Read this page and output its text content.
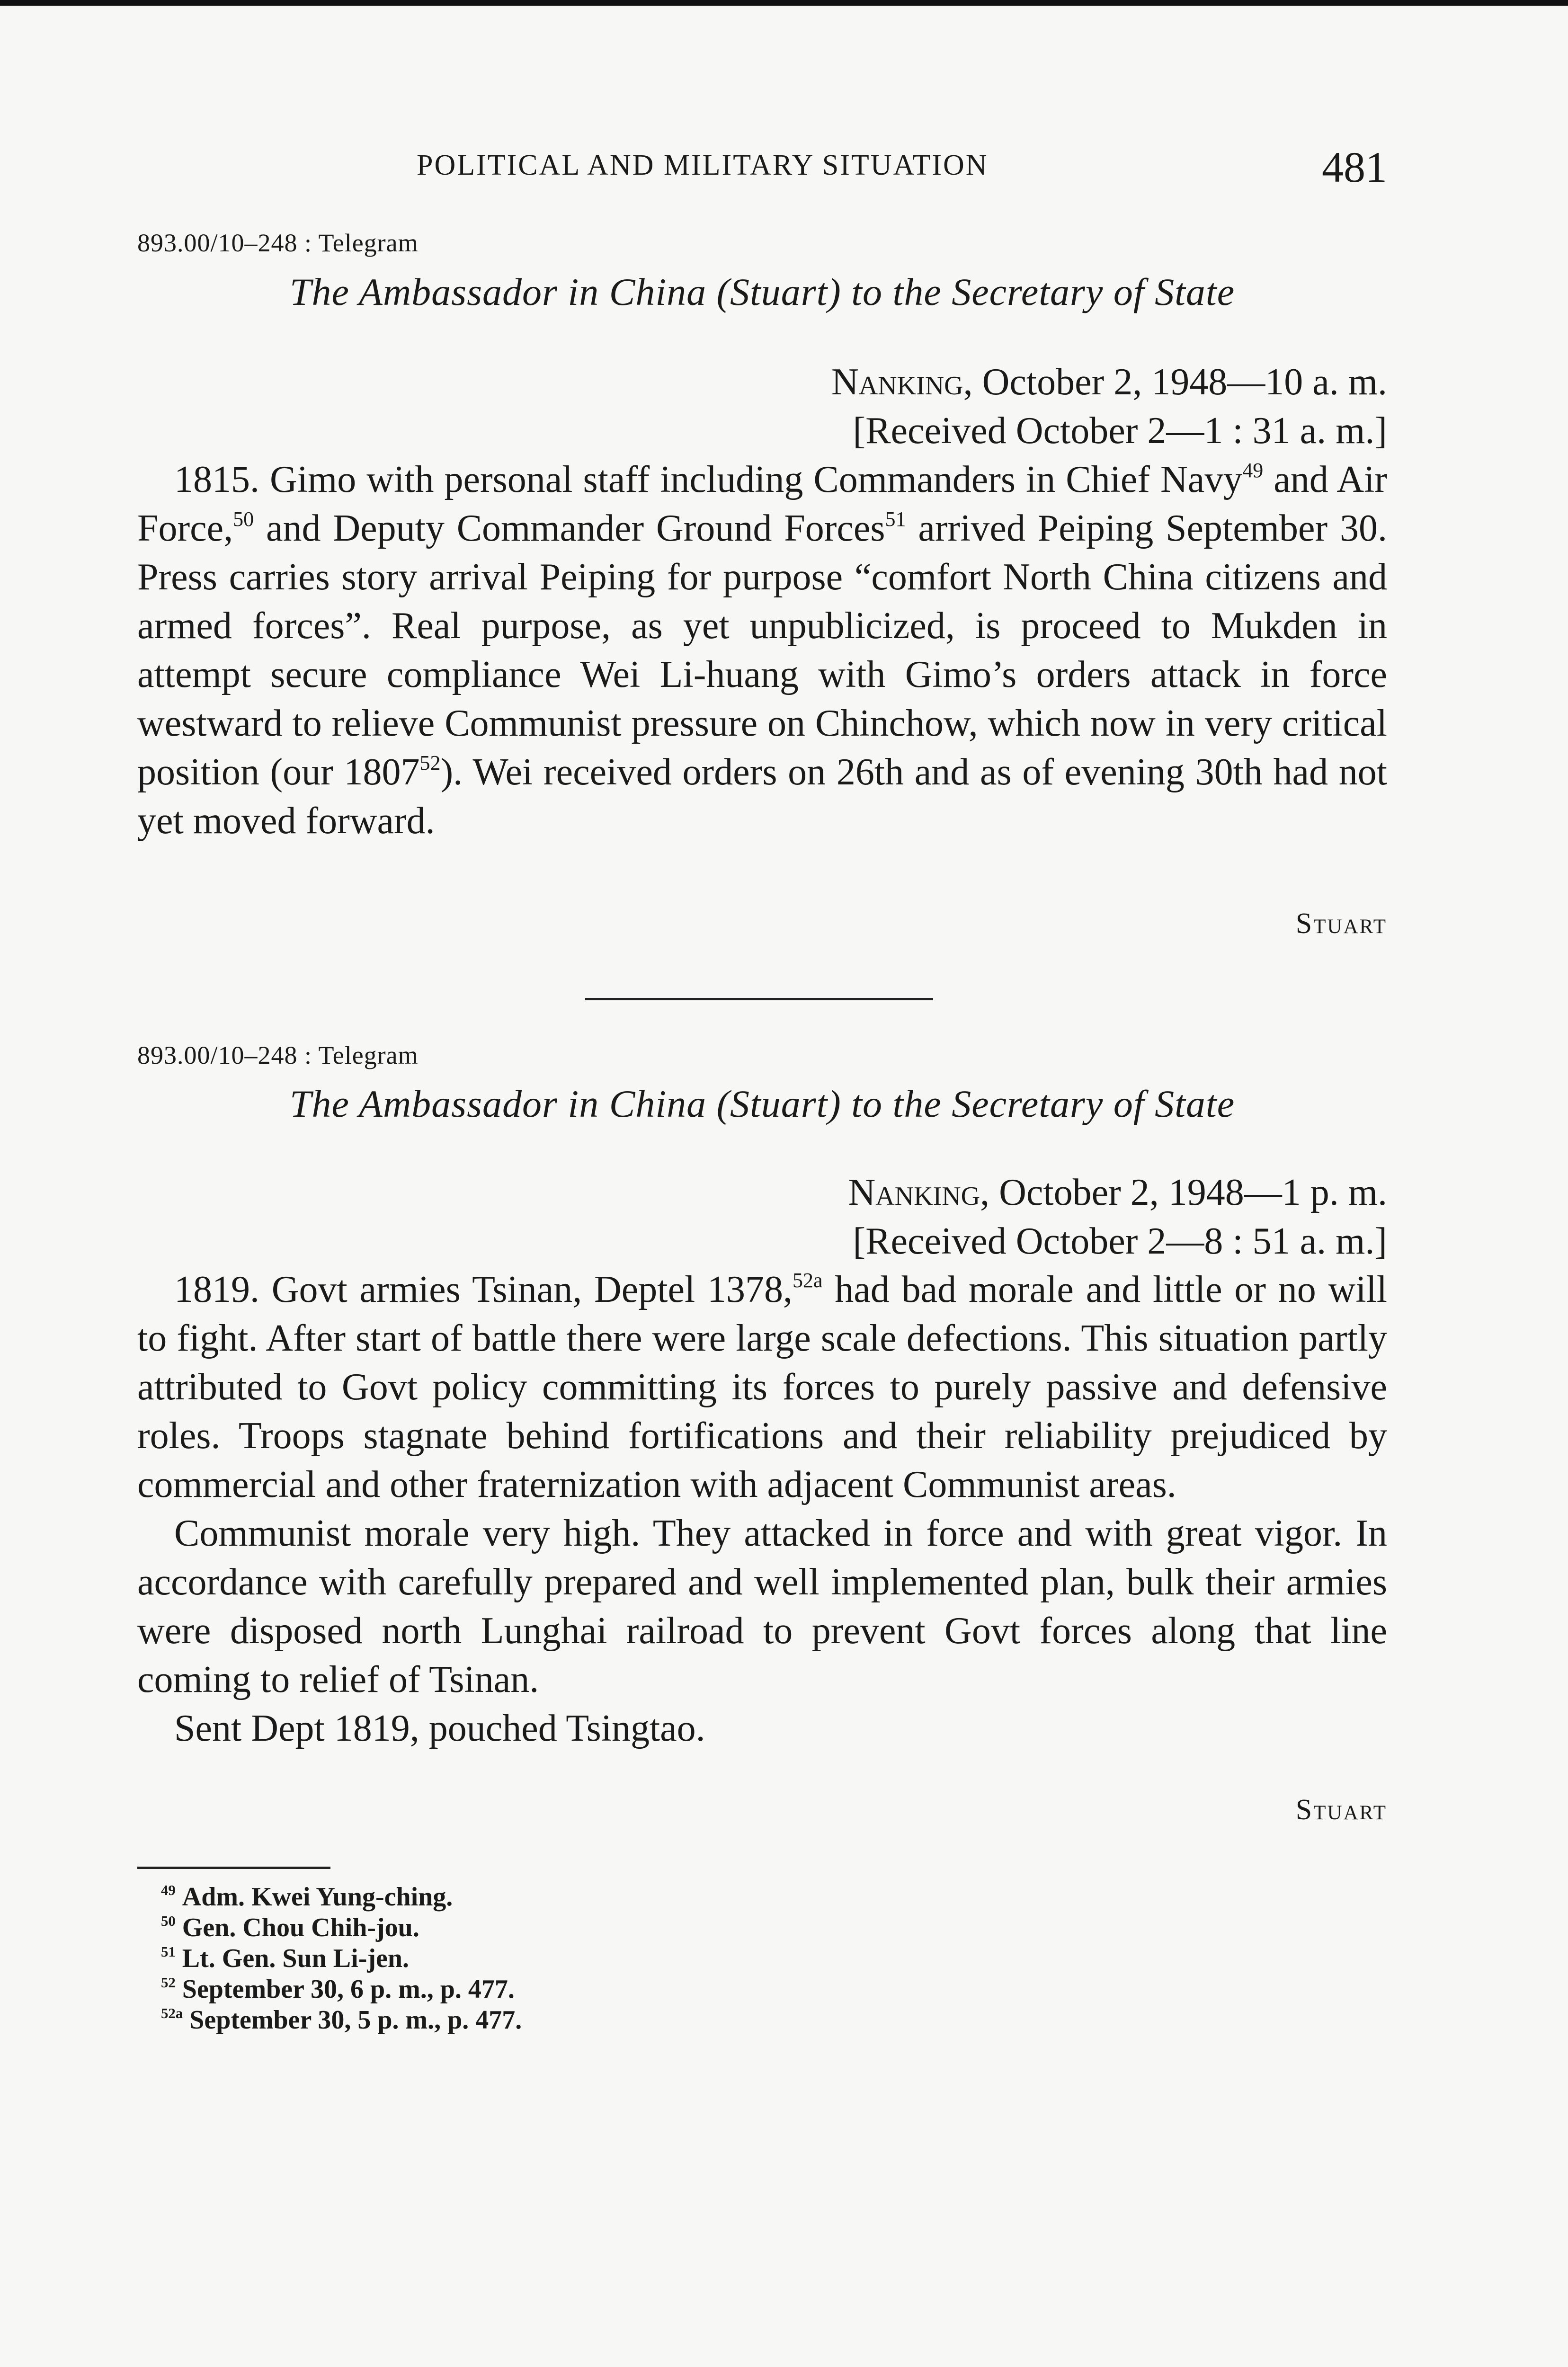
POLITICAL AND MILITARY SITUATION	481
893.00/10–248 : Telegram
The Ambassador in China (Stuart) to the Secretary of State
Nanking, October 2, 1948—10 a. m.
[Received October 2—1 : 31 a. m.]

1815. Gimo with personal staff including Commanders in Chief Navy$^{49}$ and Air Force,$^{50}$ and Deputy Commander Ground Forces$^{51}$ arrived Peiping September 30. Press carries story arrival Peiping for purpose “comfort North China citizens and armed forces”. Real purpose, as yet unpublicized, is proceed to Mukden in attempt secure compliance Wei Li-huang with Gimo’s orders attack in force westward to relieve Communist pressure on Chinchow, which now in very critical position (our 1807$^{52}$). Wei received orders on 26th and as of evening 30th had not yet moved forward.

Stuart
893.00/10–248 : Telegram
The Ambassador in China (Stuart) to the Secretary of State
Nanking, October 2, 1948—1 p. m.
[Received October 2—8 : 51 a. m.]

1819. Govt armies Tsinan, Deptel 1378,$^{52a}$ had bad morale and little or no will to fight. After start of battle there were large scale defections. This situation partly attributed to Govt policy committing its forces to purely passive and defensive roles. Troops stagnate behind fortifications and their reliability prejudiced by commercial and other fraternization with adjacent Communist areas.

Communist morale very high. They attacked in force and with great vigor. In accordance with carefully prepared and well implemented plan, bulk their armies were disposed north Lunghai railroad to prevent Govt forces along that line coming to relief of Tsinan.

Sent Dept 1819, pouched Tsingtao.

Stuart
$^{49}$ Adm. Kwei Yung-ching.
$^{50}$ Gen. Chou Chih-jou.
$^{51}$ Lt. Gen. Sun Li-jen.
$^{52}$ September 30, 6 p. m., p. 477.
$^{52a}$ September 30, 5 p. m., p. 477.
